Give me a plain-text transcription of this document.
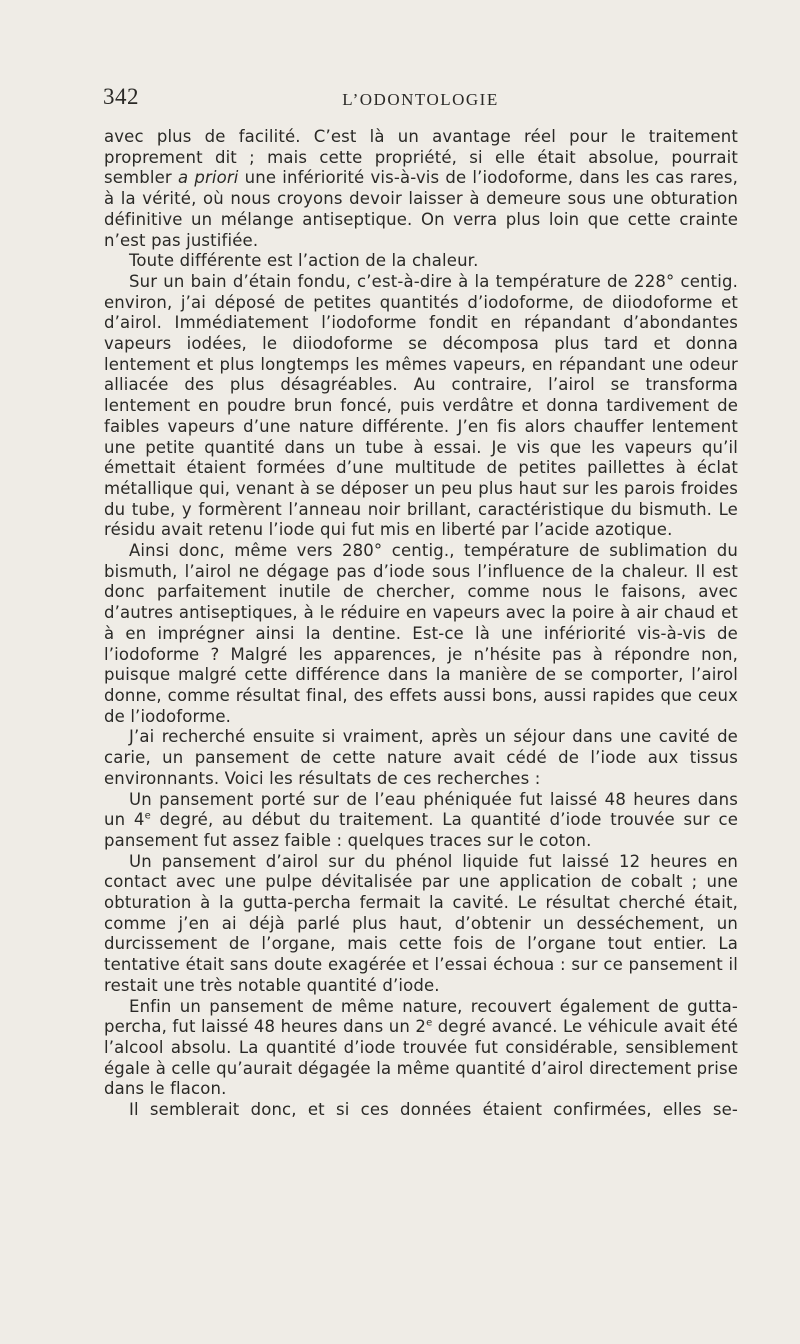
342	L’ODONTOLOGIE

avec plus de facilité. C’est là un avantage réel pour le traitement proprement dit ; mais cette propriété, si elle était absolue, pourrait sembler a priori une infériorité vis-à-vis de l’iodoforme, dans les cas rares, à la vérité, où nous croyons devoir laisser à demeure sous une obturation définitive un mélange antiseptique. On verra plus loin que cette crainte n’est pas justifiée.

Toute différente est l’action de la chaleur.

Sur un bain d’étain fondu, c’est-à-dire à la température de 228° centig. environ, j’ai déposé de petites quantités d’iodoforme, de diiodoforme et d’airol. Immédiatement l’iodoforme fondit en répandant d’abondantes vapeurs iodées, le diiodoforme se décomposa plus tard et donna lentement et plus longtemps les mêmes vapeurs, en répandant une odeur alliacée des plus désagréables. Au contraire, l’airol se transforma lentement en poudre brun foncé, puis verdâtre et donna tardivement de faibles vapeurs d’une nature différente. J’en fis alors chauffer lentement une petite quantité dans un tube à essai. Je vis que les vapeurs qu’il émettait étaient formées d’une multitude de petites paillettes à éclat métallique qui, venant à se déposer un peu plus haut sur les parois froides du tube, y formèrent l’anneau noir brillant, caractéristique du bismuth. Le résidu avait retenu l’iode qui fut mis en liberté par l’acide azotique.

Ainsi donc, même vers 280° centig., température de sublimation du bismuth, l’airol ne dégage pas d’iode sous l’influence de la chaleur. Il est donc parfaitement inutile de chercher, comme nous le faisons, avec d’autres antiseptiques, à le réduire en vapeurs avec la poire à air chaud et à en imprégner ainsi la dentine. Est-ce là une infériorité vis-à-vis de l’iodoforme ? Malgré les apparences, je n’hésite pas à répondre non, puisque malgré cette différence dans la manière de se comporter, l’airol donne, comme résultat final, des effets aussi bons, aussi rapides que ceux de l’iodoforme.

J’ai recherché ensuite si vraiment, après un séjour dans une cavité de carie, un pansement de cette nature avait cédé de l’iode aux tissus environnants. Voici les résultats de ces recherches :

Un pansement porté sur de l’eau phéniquée fut laissé 48 heures dans un 4e degré, au début du traitement. La quantité d’iode trouvée sur ce pansement fut assez faible : quelques traces sur le coton.

Un pansement d’airol sur du phénol liquide fut laissé 12 heures en contact avec une pulpe dévitalisée par une application de cobalt ; une obturation à la gutta-percha fermait la cavité. Le résultat cherché était, comme j’en ai déjà parlé plus haut, d’obtenir un desséchement, un durcissement de l’organe, mais cette fois de l’organe tout entier. La tentative était sans doute exagérée et l’essai échoua : sur ce pansement il restait une très notable quantité d’iode.

Enfin un pansement de même nature, recouvert également de gutta-percha, fut laissé 48 heures dans un 2e degré avancé. Le véhicule avait été l’alcool absolu. La quantité d’iode trouvée fut considérable, sensiblement égale à celle qu’aurait dégagée la même quantité d’airol directement prise dans le flacon.

Il semblerait donc, et si ces données étaient confirmées, elles se-
